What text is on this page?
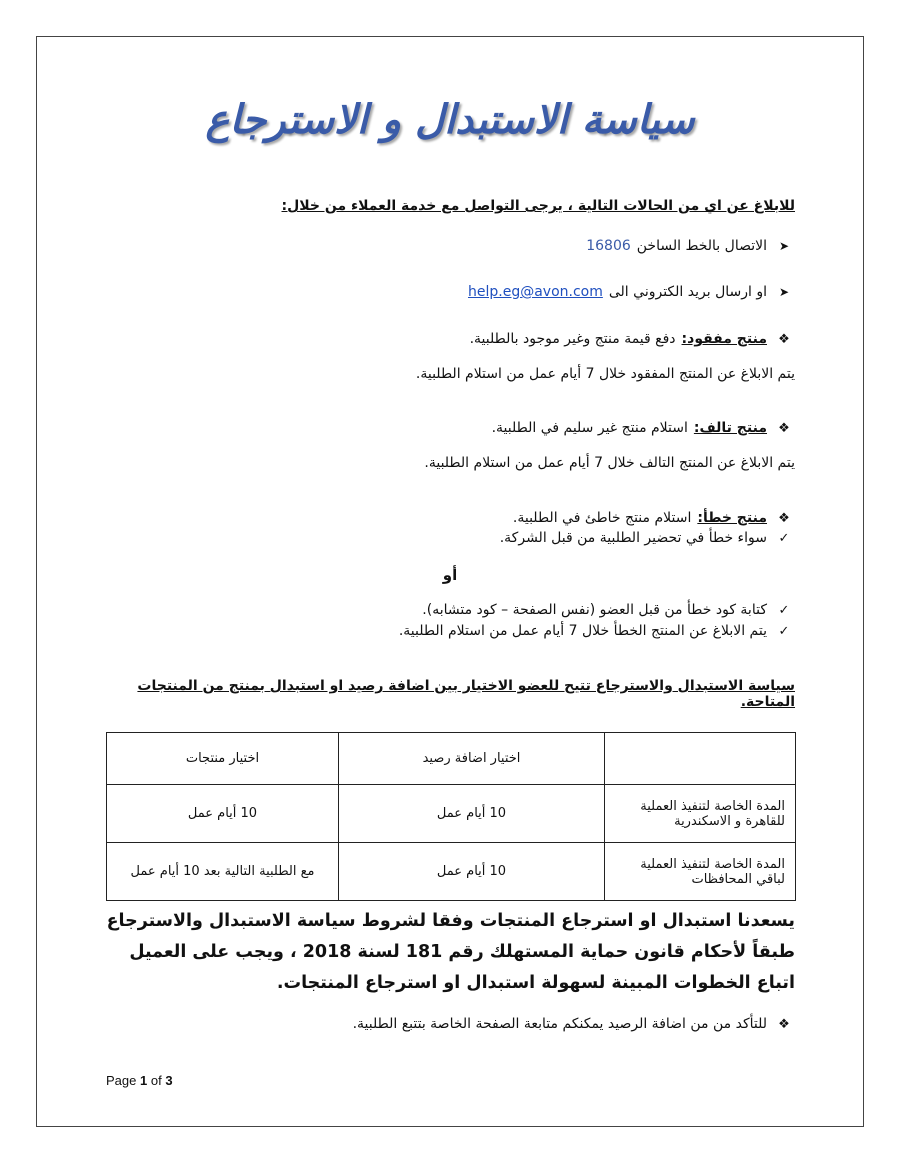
سياسة الاستبدال و الاسترجاع
للابلاغ عن اي من الحالات التالية ، يرجى التواصل مع خدمة العملاء من خلال:
➤
الاتصال بالخط الساخن
16806
➤
او ارسال بريد الكتروني الى
help.eg@avon.com
❖
منتج مفقود:
دفع قيمة منتج وغير موجود بالطلبية.
يتم الابلاغ عن المنتج المفقود خلال 7 أيام عمل من استلام الطلبية.
❖
منتج تالف:
استلام منتج غير سليم في الطلبية.
يتم الابلاغ عن المنتج التالف خلال 7 أيام عمل من استلام الطلبية.
❖
منتج خطأ:
استلام منتج خاطئ في الطلبية.
✓
سواء خطأ في تحضير الطلبية من قبل الشركة.
أو
✓
كتابة كود خطأ من قبل العضو (نفس الصفحة – كود متشابه).
✓
يتم الابلاغ عن المنتج الخطأ خلال 7 أيام عمل من استلام الطلبية.
سياسة الاستبدال والاسترجاع تتيح للعضو الاختيار بين اضافة رصيد او استبدال بمنتج من المنتجات المتاحة.
	اختيار اضافة رصيد	اختيار منتجات
المدة الخاصة لتنفيذ العملية للقاهرة و الاسكندرية	10 أيام عمل	10 أيام عمل
المدة الخاصة لتنفيذ العملية لباقي المحافظات	10 أيام عمل	مع الطلبية التالية بعد 10 أيام عمل
يسعدنا استبدال او استرجاع المنتجات وفقا لشروط سياسة الاستبدال والاسترجاع طبقاً لأحكام قانون حماية المستهلك رقم 181 لسنة 2018 ، ويجب على العميل اتباع الخطوات المبينة لسهولة استبدال او استرجاع المنتجات.
❖
للتأكد من من اضافة الرصيد يمكنكم متابعة الصفحة الخاصة بتتبع الطلبية.
Page 1 of 3
